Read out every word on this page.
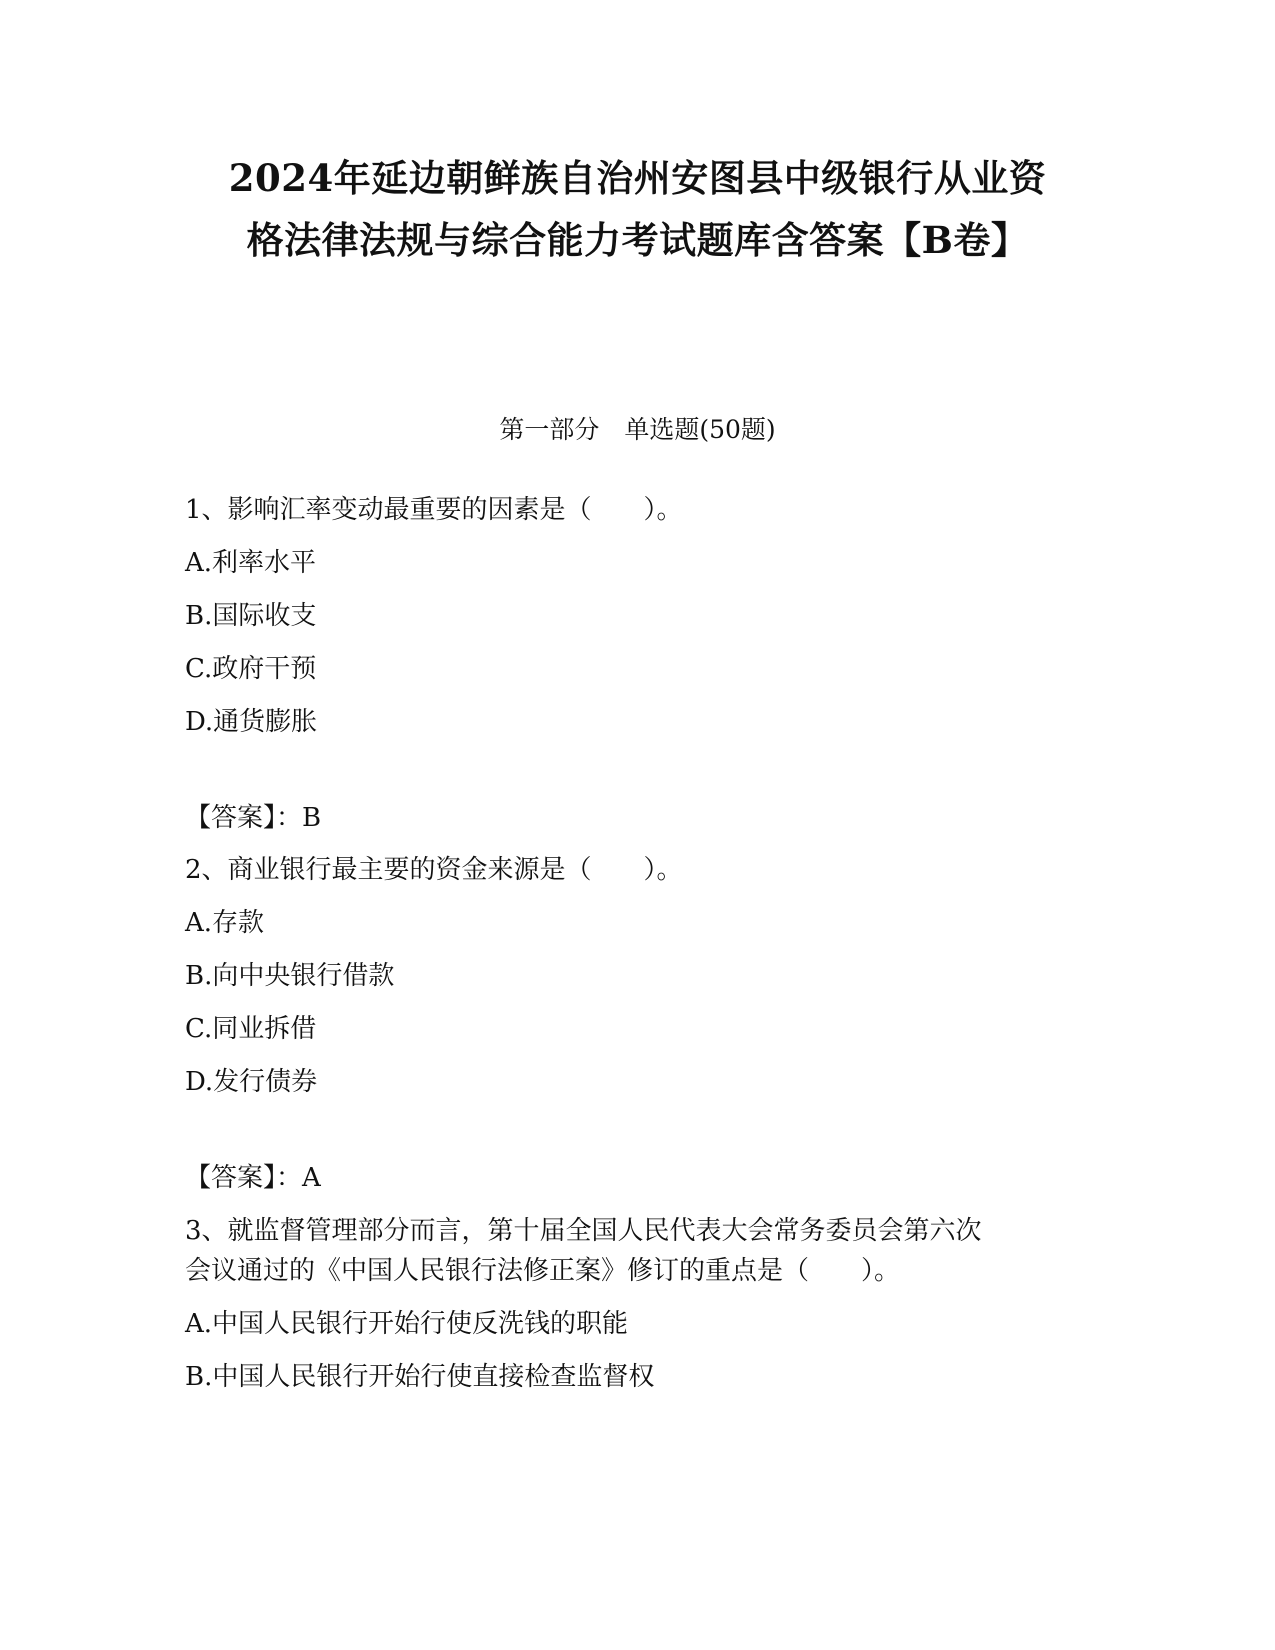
2024年延边朝鲜族自治州安图县中级银行从业资
格法律法规与综合能力考试题库含答案【B卷】
第一部分　单选题(50题)
1、影响汇率变动最重要的因素是（　　）。
A.利率水平
B.国际收支
C.政府干预
D.通货膨胀
【答案】：B
2、商业银行最主要的资金来源是（　　）。
A.存款
B.向中央银行借款
C.同业拆借
D.发行债券
【答案】：A
3、就监督管理部分而言，第十届全国人民代表大会常务委员会第六次
会议通过的《中国人民银行法修正案》修订的重点是（　　）。
A.中国人民银行开始行使反洗钱的职能
B.中国人民银行开始行使直接检查监督权
